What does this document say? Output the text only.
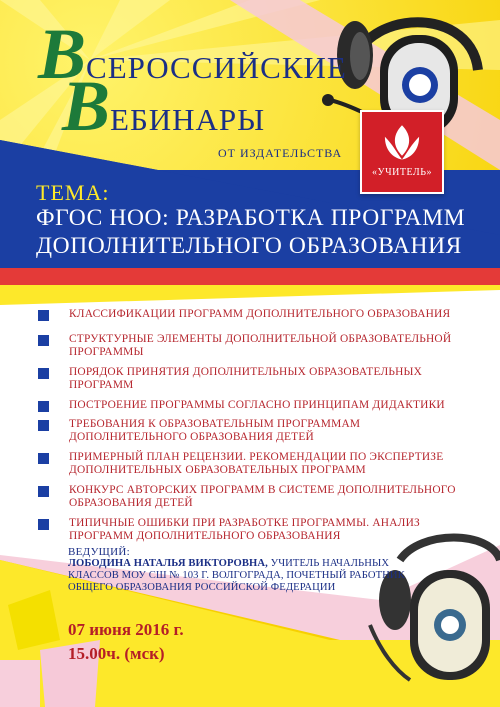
ВСЕРОССИЙСКИЕ
ВЕБИНАРЫ
ОТ ИЗДАТЕЛЬСТВА
«УЧИТЕЛЬ»
ТЕМА:
ФГОС НОО: РАЗРАБОТКА ПРОГРАММ
ДОПОЛНИТЕЛЬНОГО ОБРАЗОВАНИЯ
КЛАССИФИКАЦИИ ПРОГРАММ ДОПОЛНИТЕЛЬНОГО ОБРАЗОВАНИЯ
СТРУКТУРНЫЕ ЭЛЕМЕНТЫ ДОПОЛНИТЕЛЬНОЙ ОБРАЗОВАТЕЛЬНОЙ ПРОГРАММЫ
ПОРЯДОК ПРИНЯТИЯ ДОПОЛНИТЕЛЬНЫХ ОБРАЗОВАТЕЛЬНЫХ ПРОГРАММ
ПОСТРОЕНИЕ ПРОГРАММЫ СОГЛАСНО ПРИНЦИПАМ ДИДАКТИКИ
ТРЕБОВАНИЯ К ОБРАЗОВАТЕЛЬНЫМ ПРОГРАММАМ ДОПОЛНИТЕЛЬНОГО ОБРАЗОВАНИЯ ДЕТЕЙ
ПРИМЕРНЫЙ ПЛАН РЕЦЕНЗИИ. РЕКОМЕНДАЦИИ ПО ЭКСПЕРТИЗЕ ДОПОЛНИТЕЛЬНЫХ ОБРАЗОВАТЕЛЬНЫХ ПРОГРАММ
КОНКУРС АВТОРСКИХ ПРОГРАММ В СИСТЕМЕ ДОПОЛНИТЕЛЬНОГО ОБРАЗОВАНИЯ ДЕТЕЙ
ТИПИЧНЫЕ ОШИБКИ ПРИ РАЗРАБОТКЕ ПРОГРАММЫ. АНАЛИЗ ПРОГРАММ ДОПОЛНИТЕЛЬНОГО ОБРАЗОВАНИЯ
ВЕДУЩИЙ:
ЛОБОДИНА НАТАЛЬЯ ВИКТОРОВНА, УЧИТЕЛЬ НАЧАЛЬНЫХ КЛАССОВ МОУ СШ № 103 Г. ВОЛГОГРАДА, ПОЧЕТНЫЙ РАБОТНИК ОБЩЕГО ОБРАЗОВАНИЯ РОССИЙСКОЙ ФЕДЕРАЦИИ
07 июня 2016 г.
15.00ч. (мск)
